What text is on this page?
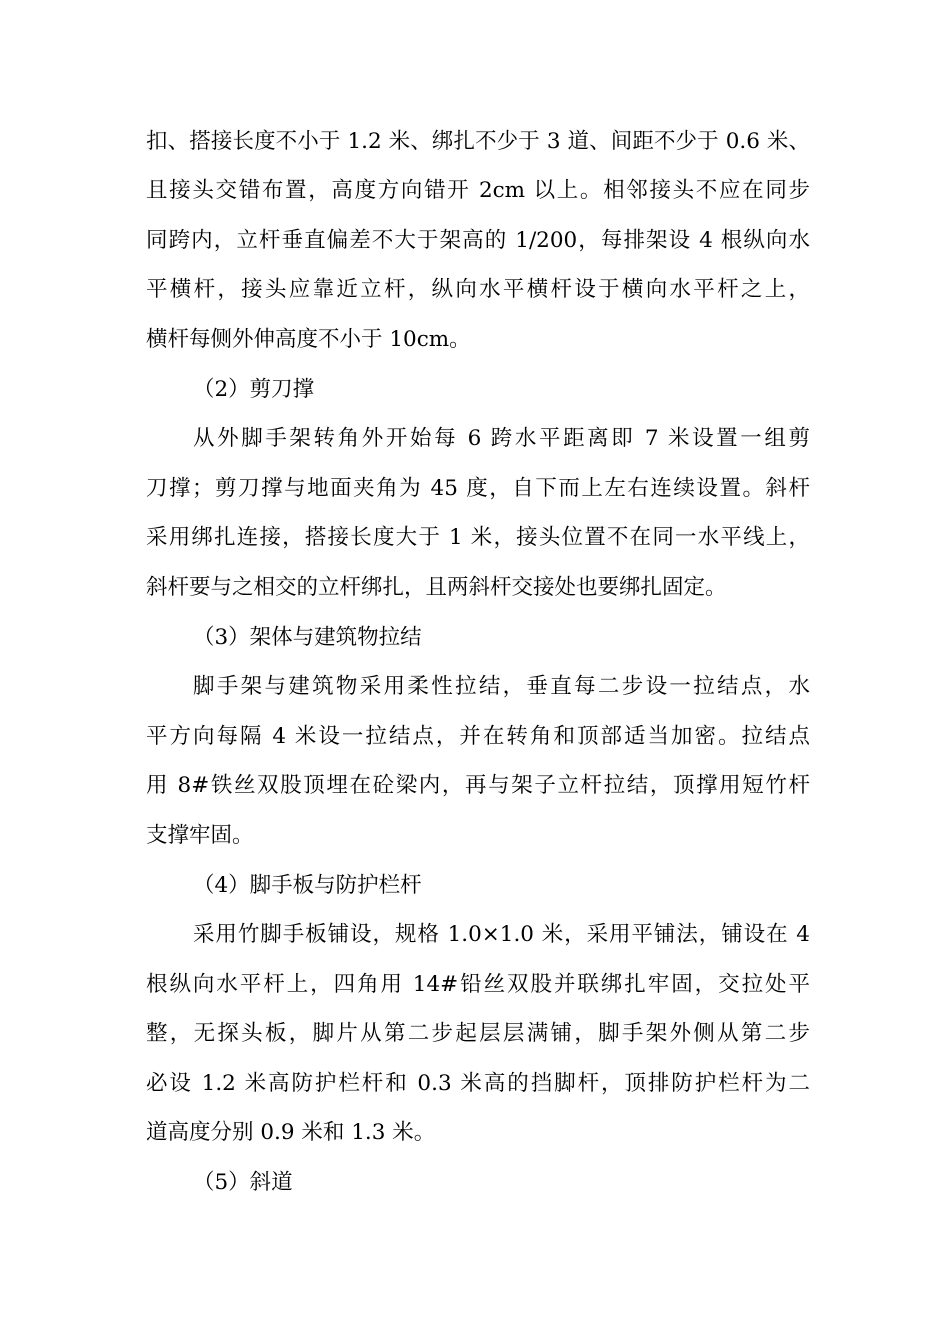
扣、搭接长度不小于 1.2 米、绑扎不少于 3 道、间距不少于 0.6 米、
且接头交错布置，高度方向错开 2cm 以上。相邻接头不应在同步
同跨内，立杆垂直偏差不大于架高的 1/200，每排架设 4 根纵向水
平横杆，接头应靠近立杆，纵向水平横杆设于横向水平杆之上，
横杆每侧外伸高度不小于 10cm。
（2）剪刀撑
从外脚手架转角外开始每 6 跨水平距离即 7 米设置一组剪
刀撑；剪刀撑与地面夹角为 45 度，自下而上左右连续设置。斜杆
采用绑扎连接，搭接长度大于 1 米，接头位置不在同一水平线上，
斜杆要与之相交的立杆绑扎，且两斜杆交接处也要绑扎固定。
（3）架体与建筑物拉结
脚手架与建筑物采用柔性拉结，垂直每二步设一拉结点，水
平方向每隔 4 米设一拉结点，并在转角和顶部适当加密。拉结点
用 8#铁丝双股顶埋在砼梁内，再与架子立杆拉结，顶撑用短竹杆
支撑牢固。
（4）脚手板与防护栏杆
采用竹脚手板铺设，规格 1.0×1.0 米，采用平铺法，铺设在 4
根纵向水平杆上，四角用 14#铅丝双股并联绑扎牢固，交拉处平
整，无探头板，脚片从第二步起层层满铺，脚手架外侧从第二步
必设 1.2 米高防护栏杆和 0.3 米高的挡脚杆，顶排防护栏杆为二
道高度分别 0.9 米和 1.3 米。
（5）斜道
